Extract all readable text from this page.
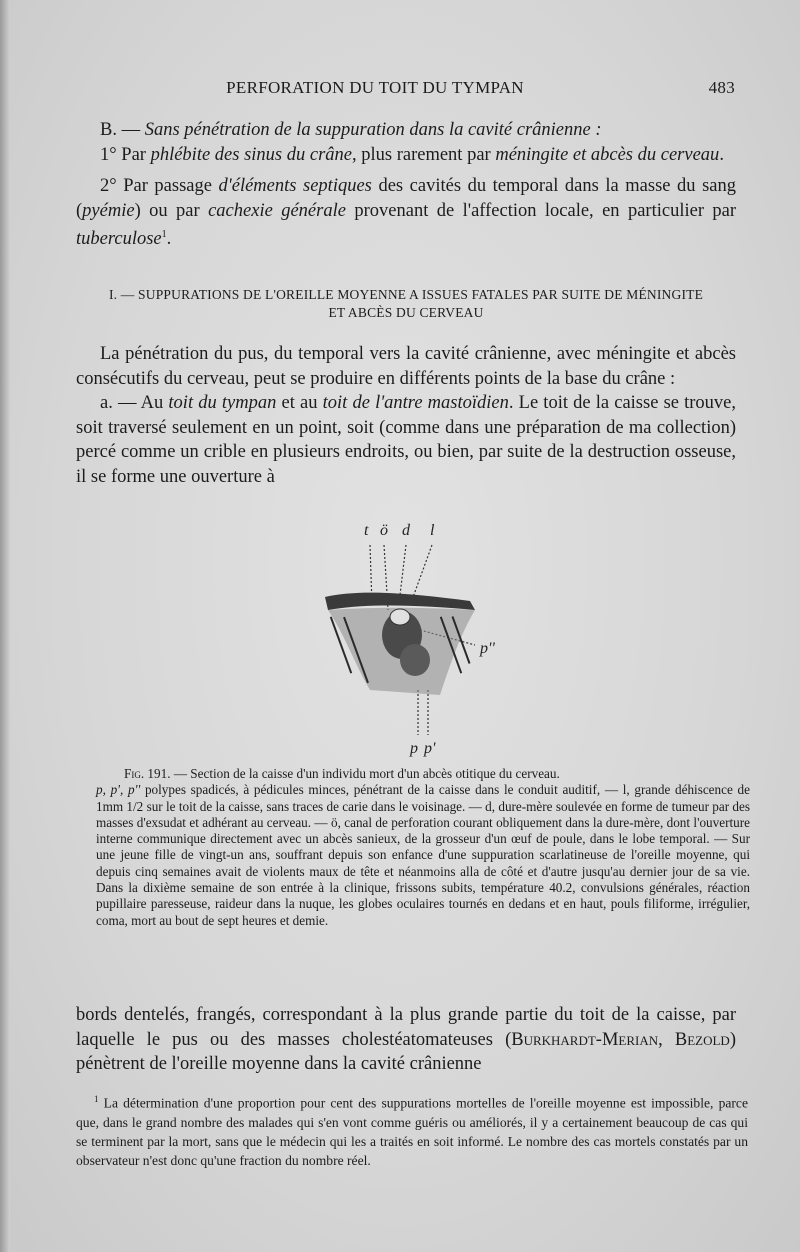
PERFORATION DU TOIT DU TYMPAN	483

B. — Sans pénétration de la suppuration dans la cavité crânienne :

1° Par phlébite des sinus du crâne, plus rarement par méningite et abcès du cerveau.

2° Par passage d'éléments septiques des cavités du temporal dans la masse du sang (pyémie) ou par cachexie générale provenant de l'affection locale, en particulier par tuberculose$^1$.

I. — SUPPURATIONS DE L'OREILLE MOYENNE A ISSUES FATALES PAR SUITE DE MÉNINGITE
ET ABCÈS DU CERVEAU

La pénétration du pus, du temporal vers la cavité crânienne, avec méningite et abcès consécutifs du cerveau, peut se produire en différents points de la base du crâne :

a. — Au toit du tympan et au toit de l'antre mastoïdien. Le toit de la caisse se trouve, soit traversé seulement en un point, soit (comme dans une préparation de ma collection) percé comme un crible en plusieurs endroits, ou bien, par suite de la destruction osseuse, il se forme une ouverture à

t ö d l
p''
p p'

Fig. 191. — Section de la caisse d'un individu mort d'un abcès otitique du cerveau.

p, p', p'' polypes spadicés, à pédicules minces, pénétrant de la caisse dans le conduit auditif, — l, grande déhiscence de 1mm 1/2 sur le toit de la caisse, sans traces de carie dans le voisinage. — d, dure-mère soulevée en forme de tumeur par des masses d'exsudat et adhérant au cerveau. — ö, canal de perforation courant obliquement dans la dure-mère, dont l'ouverture interne communique directement avec un abcès sanieux, de la grosseur d'un œuf de poule, dans le lobe temporal. — Sur une jeune fille de vingt-un ans, souffrant depuis son enfance d'une suppuration scarlatineuse de l'oreille moyenne, qui depuis cinq semaines avait de violents maux de tête et néanmoins alla de côté et d'autre jusqu'au dernier jour de sa vie. Dans la dixième semaine de son entrée à la clinique, frissons subits, température 40.2, convulsions générales, réaction pupillaire paresseuse, raideur dans la nuque, les globes oculaires tournés en dedans et en haut, pouls filiforme, irrégulier, coma, mort au bout de sept heures et demie.

bords dentelés, frangés, correspondant à la plus grande partie du toit de la caisse, par laquelle le pus ou des masses cholestéatomateuses (Burkhardt-Merian, Bezold) pénètrent de l'oreille moyenne dans la cavité crânienne

$^1$ La détermination d'une proportion pour cent des suppurations mortelles de l'oreille moyenne est impossible, parce que, dans le grand nombre des malades qui s'en vont comme guéris ou améliorés, il y a certainement beaucoup de cas qui se terminent par la mort, sans que le médecin qui les a traités en soit informé. Le nombre des cas mortels constatés par un observateur n'est donc qu'une fraction du nombre réel.
